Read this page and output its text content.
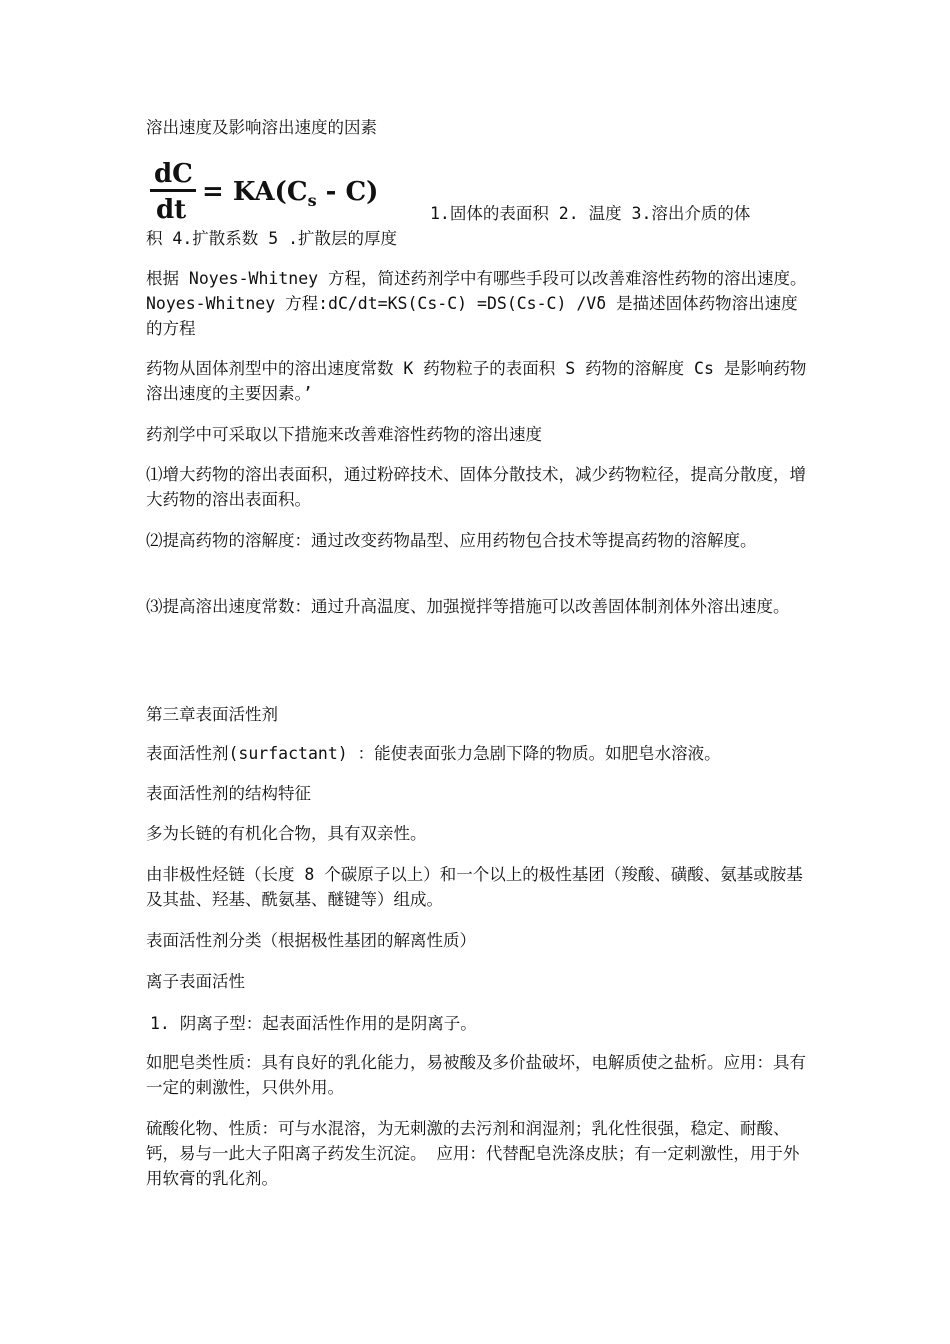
溶出速度及影响溶出速度的因素

dC
dt
= $KA(C_s - C)$

1.固体的表面积 2. 温度 3.溶出介质的体

积 4.扩散系数 5 .扩散层的厚度

根据 Noyes-Whitney 方程，简述药剂学中有哪些手段可以改善难溶性药物的溶出速度。Noyes-Whitney 方程:dC/dt=KS(Cs-C) =DS(Cs-C) /Vδ 是描述固体药物溶出速度的方程

药物从固体剂型中的溶出速度常数 K 药物粒子的表面积 S 药物的溶解度 Cs 是影响药物溶出速度的主要因素。’

药剂学中可采取以下措施来改善难溶性药物的溶出速度

⑴增大药物的溶出表面积，通过粉碎技术、固体分散技术，减少药物粒径，提高分散度，增大药物的溶出表面积。

⑵提高药物的溶解度：通过改变药物晶型、应用药物包合技术等提高药物的溶解度。

⑶提高溶出速度常数：通过升高温度、加强搅拌等措施可以改善固体制剂体外溶出速度。

第三章表面活性剂

表面活性剂(surfactant) ：能使表面张力急剧下降的物质。如肥皂水溶液。

表面活性剂的结构特征

多为长链的有机化合物，具有双亲性。

由非极性烃链（长度 8 个碳原子以上）和一个以上的极性基团（羧酸、磺酸、氨基或胺基及其盐、羟基、酰氨基、醚键等）组成。

表面活性剂分类（根据极性基团的解离性质）

离子表面活性

1. 阴离子型：起表面活性作用的是阴离子。

如肥皂类性质：具有良好的乳化能力，易被酸及多价盐破坏，电解质使之盐析。应用：具有一定的刺激性，只供外用。

硫酸化物、性质：可与水混溶，为无刺激的去污剂和润湿剂；乳化性很强，稳定、耐酸、钙，易与一此大子阳离子药发生沉淀。 应用：代替配皂洗涤皮肤；有一定刺激性，用于外用软膏的乳化剂。
